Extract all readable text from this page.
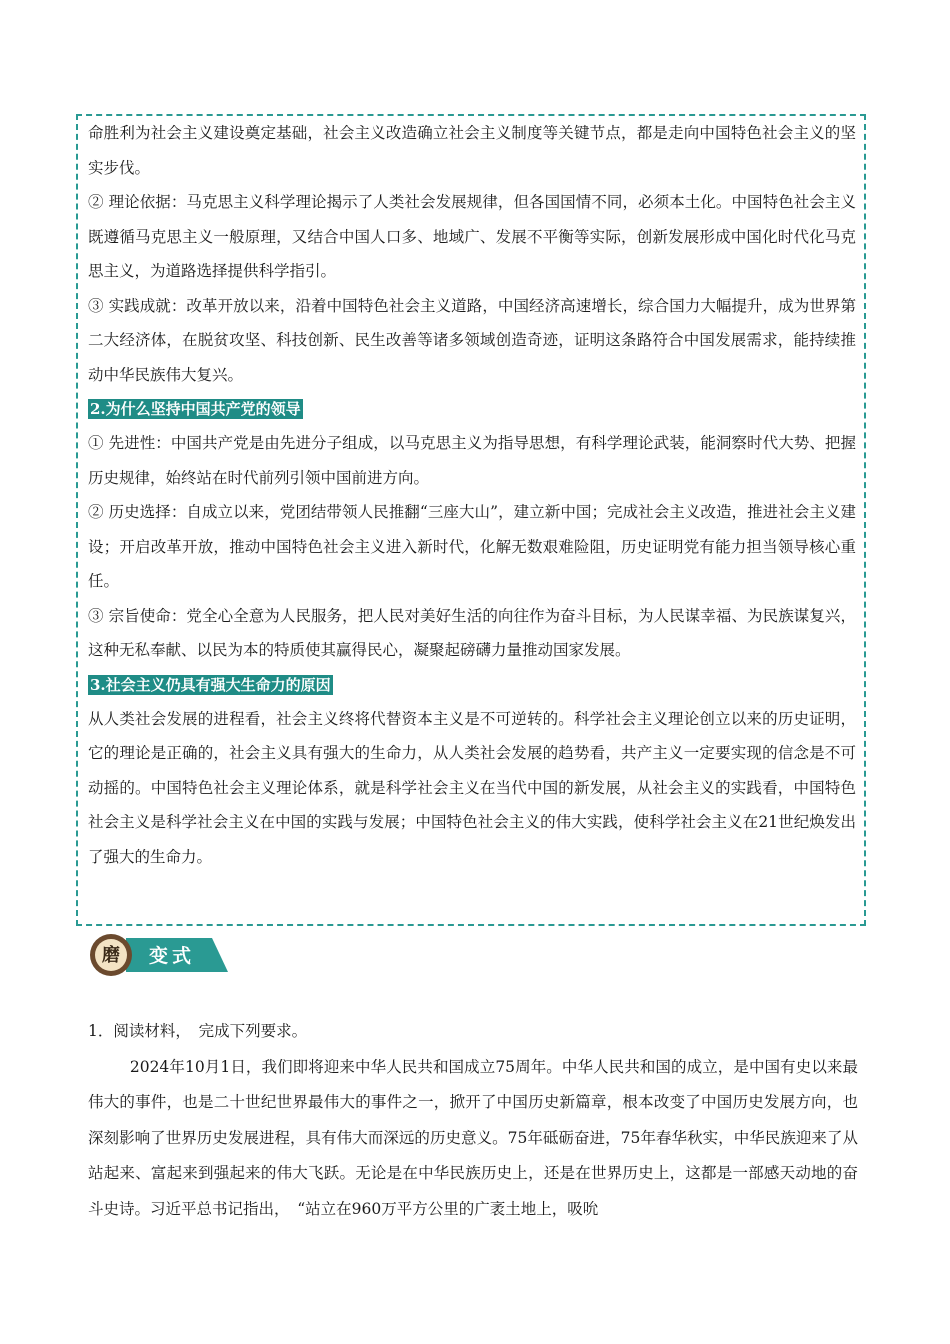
命胜利为社会主义建设奠定基础，社会主义改造确立社会主义制度等关键节点，都是走向中国特色社会主义的坚实步伐。

② 理论依据：马克思主义科学理论揭示了人类社会发展规律，但各国国情不同，必须本土化。中国特色社会主义既遵循马克思主义一般原理，又结合中国人口多、地域广、发展不平衡等实际，创新发展形成中国化时代化马克思主义，为道路选择提供科学指引。

③ 实践成就：改革开放以来，沿着中国特色社会主义道路，中国经济高速增长，综合国力大幅提升，成为世界第二大经济体，在脱贫攻坚、科技创新、民生改善等诸多领域创造奇迹，证明这条路符合中国发展需求，能持续推动中华民族伟大复兴。

2.为什么坚持中国共产党的领导

① 先进性：中国共产党是由先进分子组成，以马克思主义为指导思想，有科学理论武装，能洞察时代大势、把握历史规律，始终站在时代前列引领中国前进方向。

② 历史选择：自成立以来，党团结带领人民推翻“三座大山”，建立新中国；完成社会主义改造，推进社会主义建设；开启改革开放，推动中国特色社会主义进入新时代，化解无数艰难险阻，历史证明党有能力担当领导核心重任。

③ 宗旨使命：党全心全意为人民服务，把人民对美好生活的向往作为奋斗目标，为人民谋幸福、为民族谋复兴，这种无私奉献、以民为本的特质使其赢得民心，凝聚起磅礴力量推动国家发展。

3.社会主义仍具有强大生命力的原因

从人类社会发展的进程看，社会主义终将代替资本主义是不可逆转的。科学社会主义理论创立以来的历史证明，它的理论是正确的，社会主义具有强大的生命力，从人类社会发展的趋势看，共产主义一定要实现的信念是不可动摇的。中国特色社会主义理论体系，就是科学社会主义在当代中国的新发展，从社会主义的实践看，中国特色社会主义是科学社会主义在中国的实践与发展；中国特色社会主义的伟大实践，使科学社会主义在21世纪焕发出了强大的生命力。

磨 变式

1．阅读材料，　完成下列要求。

2024年10月1日，我们即将迎来中华人民共和国成立75周年。中华人民共和国的成立，是中国有史以来最伟大的事件，也是二十世纪世界最伟大的事件之一，掀开了中国历史新篇章，根本改变了中国历史发展方向，也深刻影响了世界历史发展进程，具有伟大而深远的历史意义。75年砥砺奋进，75年春华秋实，中华民族迎来了从站起来、富起来到强起来的伟大飞跃。无论是在中华民族历史上，还是在世界历史上，这都是一部感天动地的奋斗史诗。习近平总书记指出，　“站立在960万平方公里的广袤土地上，吸吮
